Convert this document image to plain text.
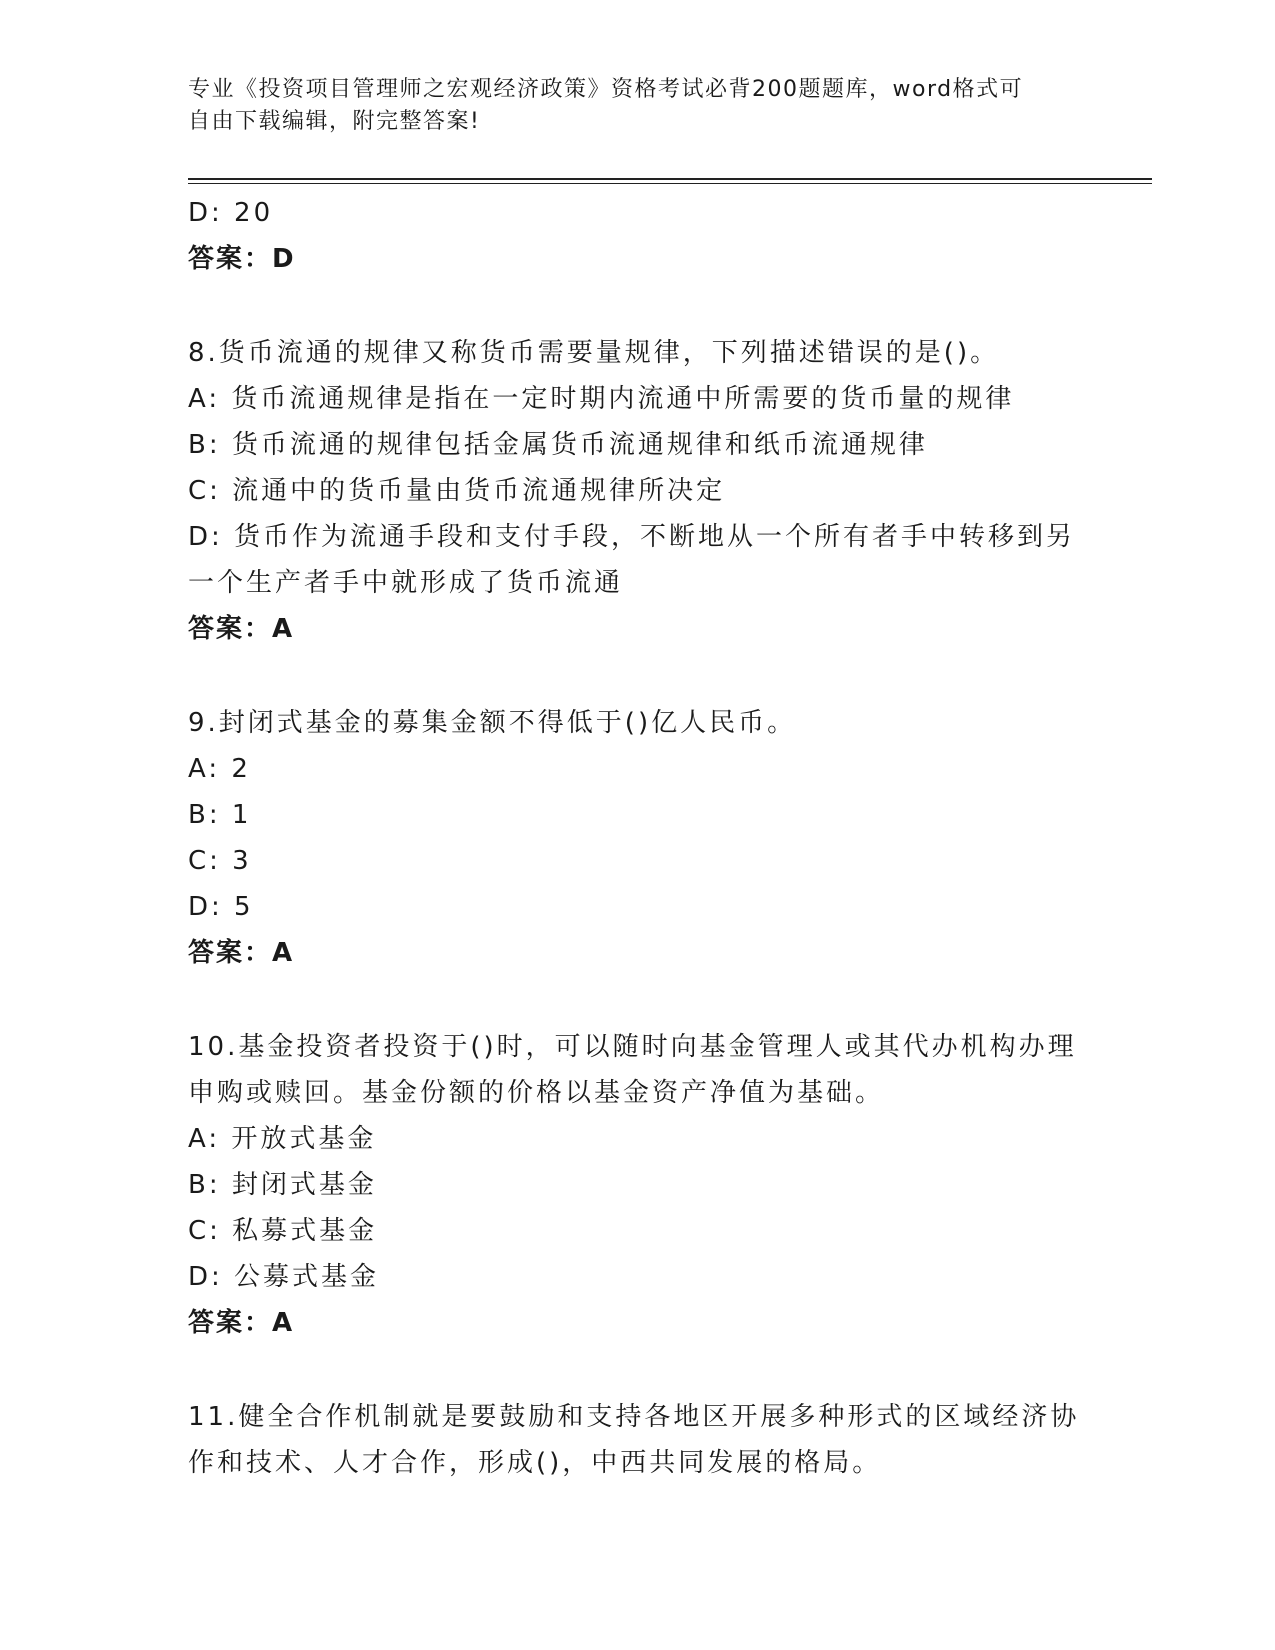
专业《投资项目管理师之宏观经济政策》资格考试必背200题题库，word格式可
自由下载编辑，附完整答案!
D: 20
答案：D
8.货币流通的规律又称货币需要量规律，下列描述错误的是()。
A: 货币流通规律是指在一定时期内流通中所需要的货币量的规律
B: 货币流通的规律包括金属货币流通规律和纸币流通规律
C: 流通中的货币量由货币流通规律所决定
D: 货币作为流通手段和支付手段，不断地从一个所有者手中转移到另
一个生产者手中就形成了货币流通
答案：A
9.封闭式基金的募集金额不得低于()亿人民币。
A: 2
B: 1
C: 3
D: 5
答案：A
10.基金投资者投资于()时，可以随时向基金管理人或其代办机构办理
申购或赎回。基金份额的价格以基金资产净值为基础。
A: 开放式基金
B: 封闭式基金
C: 私募式基金
D: 公募式基金
答案：A
11.健全合作机制就是要鼓励和支持各地区开展多种形式的区域经济协
作和技术、人才合作，形成()，中西共同发展的格局。
